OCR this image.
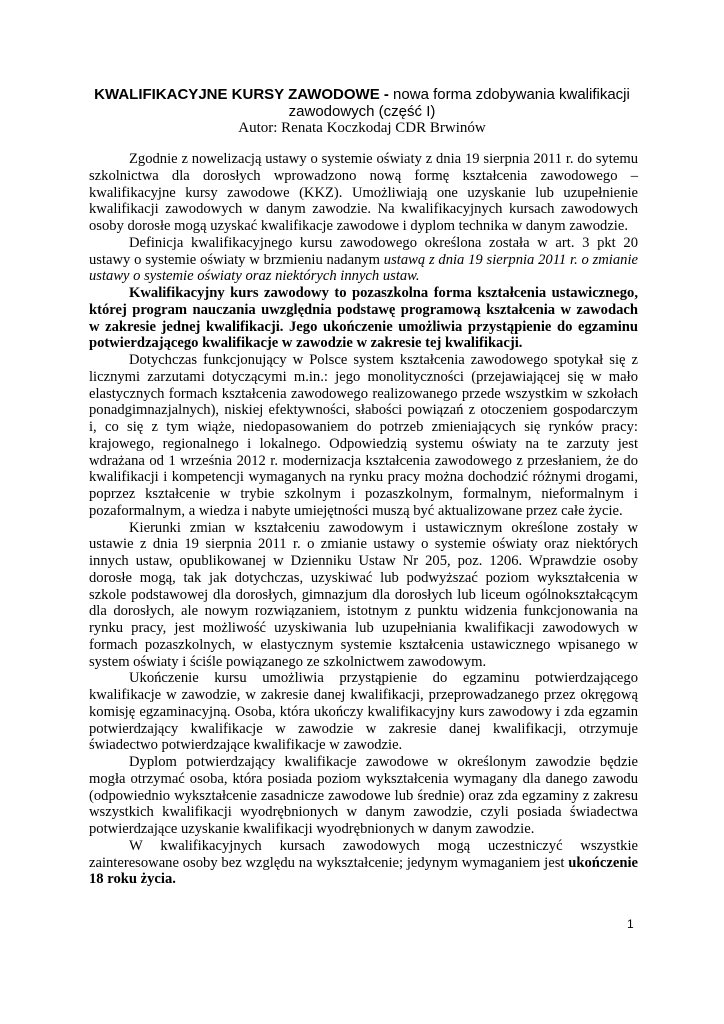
KWALIFIKACYJNE KURSY ZAWODOWE - nowa forma zdobywania kwalifikacji zawodowych (część I)
Autor: Renata Koczkodaj CDR Brwinów

Zgodnie z nowelizacją ustawy o systemie oświaty z dnia 19 sierpnia 2011 r. do sytemu szkolnictwa dla dorosłych wprowadzono nową formę kształcenia zawodowego – kwalifikacyjne kursy zawodowe (KKZ). Umożliwiają one uzyskanie lub uzupełnienie kwalifikacji zawodowych w danym zawodzie. Na kwalifikacyjnych kursach zawodowych osoby dorosłe mogą uzyskać kwalifikacje zawodowe i dyplom technika w danym zawodzie.

Definicja kwalifikacyjnego kursu zawodowego określona została w art. 3 pkt 20 ustawy o systemie oświaty w brzmieniu nadanym ustawą z dnia 19 sierpnia 2011 r. o zmianie ustawy o systemie oświaty oraz niektórych innych ustaw.

Kwalifikacyjny kurs zawodowy to pozaszkolna forma kształcenia ustawicznego, której program nauczania uwzględnia podstawę programową kształcenia w zawodach w zakresie jednej kwalifikacji. Jego ukończenie umożliwia przystąpienie do egzaminu potwierdzającego kwalifikacje w zawodzie w zakresie tej kwalifikacji.

Dotychczas funkcjonujący w Polsce system kształcenia zawodowego spotykał się z licznymi zarzutami dotyczącymi m.in.: jego monolityczności (przejawiającej się w mało elastycznych formach kształcenia zawodowego realizowanego przede wszystkim w szkołach ponadgimnazjalnych), niskiej efektywności, słabości powiązań z otoczeniem gospodarczym i, co się z tym wiąże, niedopasowaniem do potrzeb zmieniających się rynków pracy: krajowego, regionalnego i lokalnego. Odpowiedzią systemu oświaty na te zarzuty jest wdrażana od 1 września 2012 r. modernizacja kształcenia zawodowego z przesłaniem, że do kwalifikacji i kompetencji wymaganych na rynku pracy można dochodzić różnymi drogami, poprzez kształcenie w trybie szkolnym i pozaszkolnym, formalnym, nieformalnym i pozaformalnym, a wiedza i nabyte umiejętności muszą być aktualizowane przez całe życie.

Kierunki zmian w kształceniu zawodowym i ustawicznym określone zostały w ustawie z dnia 19 sierpnia 2011 r. o zmianie ustawy o systemie oświaty oraz niektórych innych ustaw, opublikowanej w Dzienniku Ustaw Nr 205, poz. 1206. Wprawdzie osoby dorosłe mogą, tak jak dotychczas, uzyskiwać lub podwyższać poziom wykształcenia w szkole podstawowej dla dorosłych, gimnazjum dla dorosłych lub liceum ogólnokształcącym dla dorosłych, ale nowym rozwiązaniem, istotnym z punktu widzenia funkcjonowania na rynku pracy, jest możliwość uzyskiwania lub uzupełniania kwalifikacji zawodowych w formach pozaszkolnych, w elastycznym systemie kształcenia ustawicznego wpisanego w system oświaty i ściśle powiązanego ze szkolnictwem zawodowym.

Ukończenie kursu umożliwia przystąpienie do egzaminu potwierdzającego kwalifikacje w zawodzie, w zakresie danej kwalifikacji, przeprowadzanego przez okręgową komisję egzaminacyjną. Osoba, która ukończy kwalifikacyjny kurs zawodowy i zda egzamin potwierdzający kwalifikacje w zawodzie w zakresie danej kwalifikacji, otrzymuje świadectwo potwierdzające kwalifikacje w zawodzie.

Dyplom potwierdzający kwalifikacje zawodowe w określonym zawodzie będzie mogła otrzymać osoba, która posiada poziom wykształcenia wymagany dla danego zawodu (odpowiednio wykształcenie zasadnicze zawodowe lub średnie) oraz zda egzaminy z zakresu wszystkich kwalifikacji wyodrębnionych w danym zawodzie, czyli posiada świadectwa potwierdzające uzyskanie kwalifikacji wyodrębnionych w danym zawodzie.

W kwalifikacyjnych kursach zawodowych mogą uczestniczyć wszystkie zainteresowane osoby bez względu na wykształcenie; jedynym wymaganiem jest ukończenie 18 roku życia.

1
